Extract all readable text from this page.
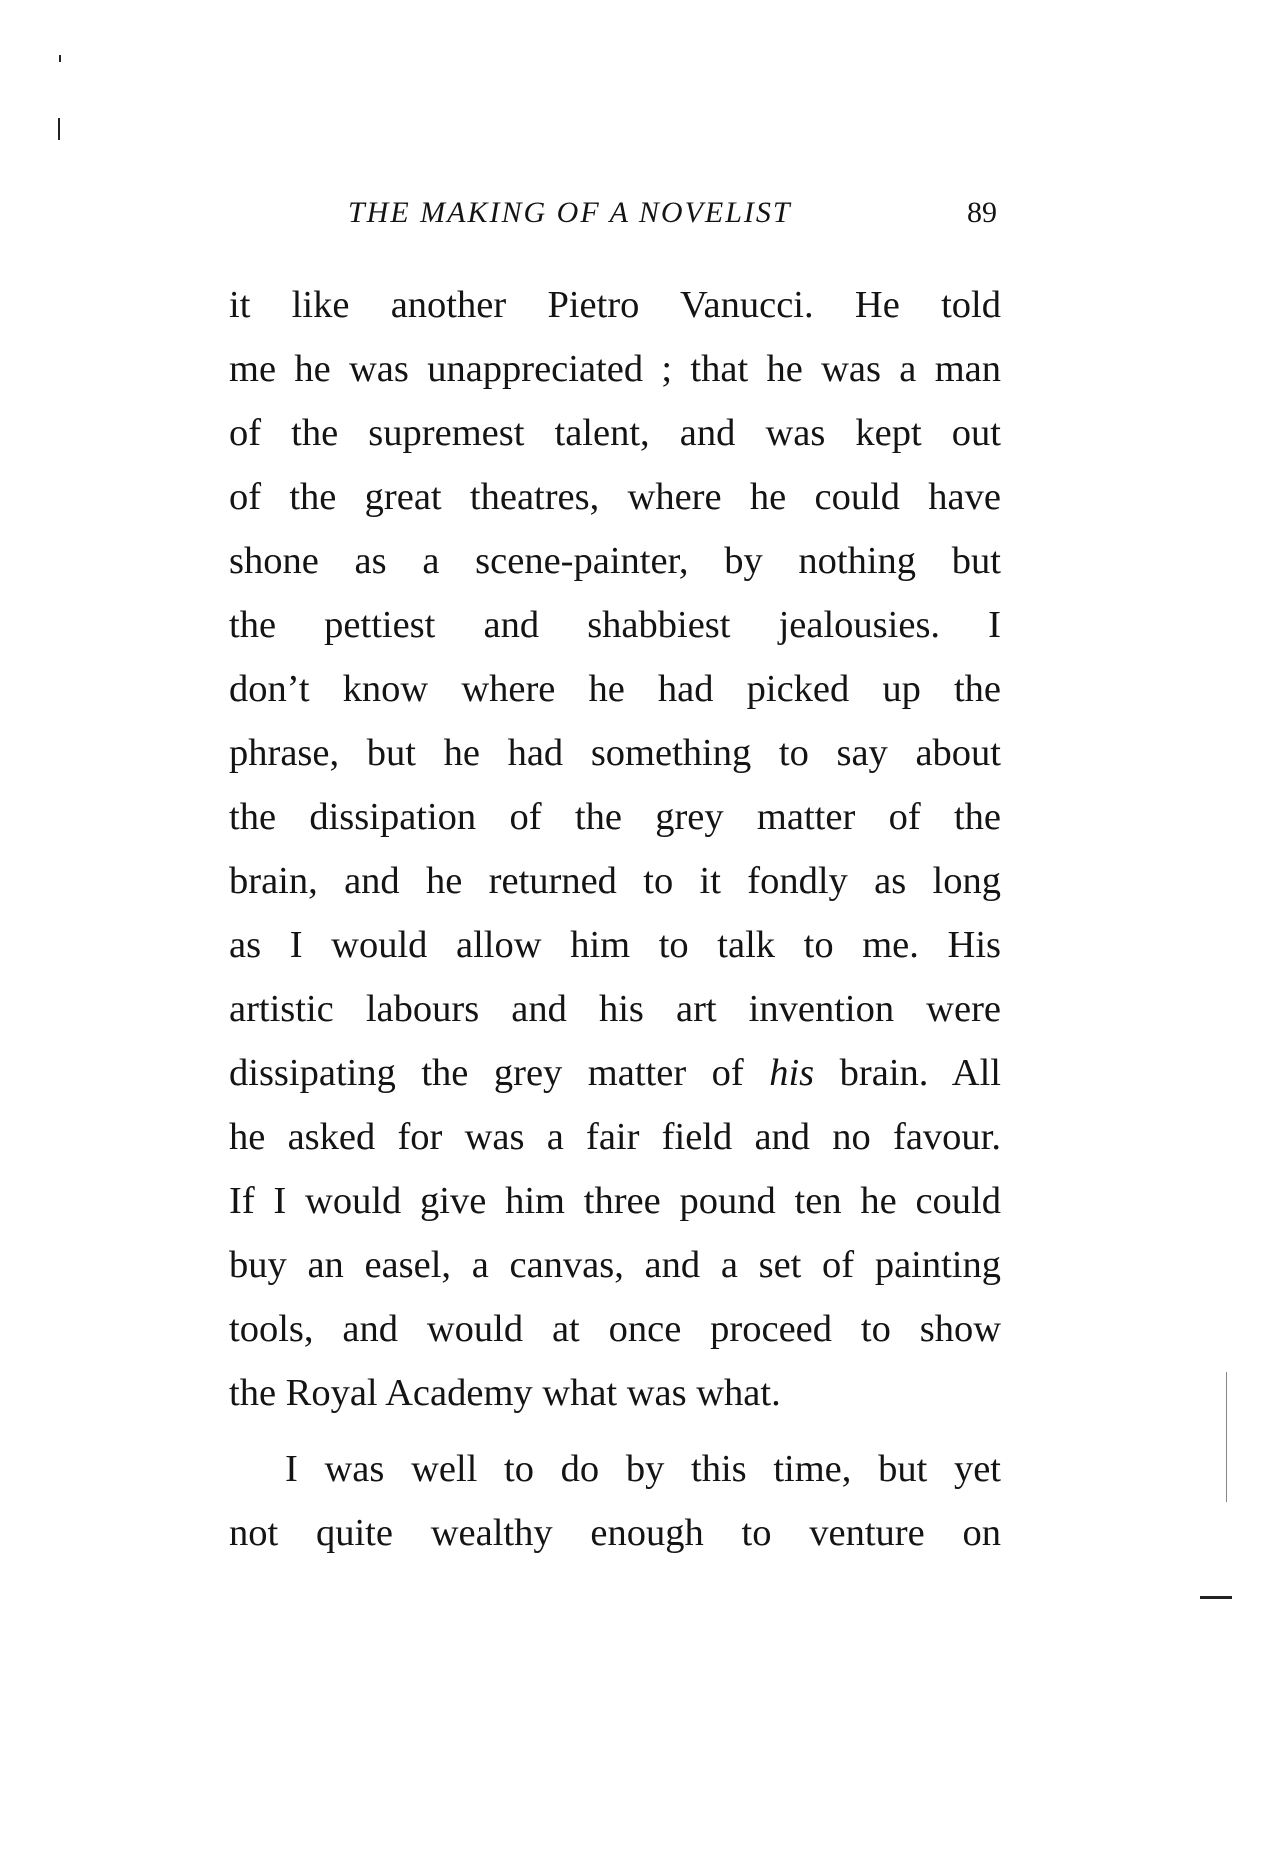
THE MAKING OF A NOVELIST	89
it like another Pietro Vanucci. He told
me he was unappreciated ; that he was a man
of the supremest talent, and was kept out
of the great theatres, where he could have
shone as a scene-painter, by nothing but
the pettiest and shabbiest jealousies. I
don’t know where he had picked up the
phrase, but he had something to say about
the dissipation of the grey matter of the
brain, and he returned to it fondly as long
as I would allow him to talk to me. His
artistic labours and his art invention were
dissipating the grey matter of his brain. All
he asked for was a fair field and no favour.
If I would give him three pound ten he could
buy an easel, a canvas, and a set of painting
tools, and would at once proceed to show
the Royal Academy what was what.
I was well to do by this time, but yet
not quite wealthy enough to venture on
